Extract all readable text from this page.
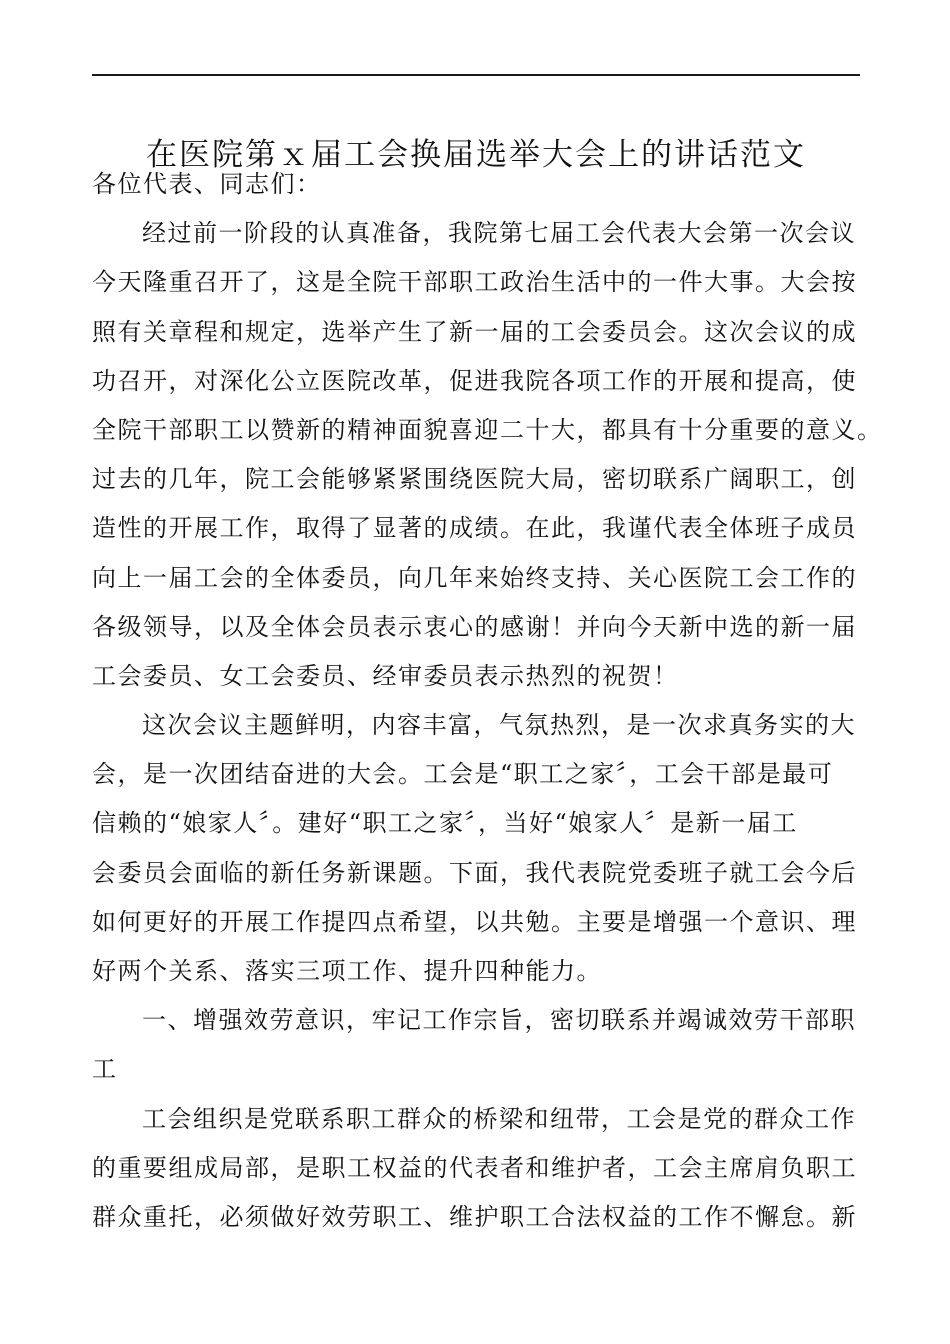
在医院第ｘ届工会换届选举大会上的讲话范文
各位代表、同志们：
经过前一阶段的认真准备，我院第七届工会代表大会第一次会议
今天隆重召开了，这是全院干部职工政治生活中的一件大事。大会按
照有关章程和规定，选举产生了新一届的工会委员会。这次会议的成
功召开，对深化公立医院改革，促进我院各项工作的开展和提高，使
全院干部职工以赞新的精神面貌喜迎二十大，都具有十分重要的意义。
过去的几年，院工会能够紧紧围绕医院大局，密切联系广阔职工，创
造性的开展工作，取得了显著的成绩。在此，我谨代表全体班子成员
向上一届工会的全体委员，向几年来始终支持、关心医院工会工作的
各级领导，以及全体会员表示衷心的感谢！并向今天新中选的新一届
工会委员、女工会委员、经审委员表示热烈的祝贺！
这次会议主题鲜明，内容丰富，气氛热烈，是一次求真务实的大
会，是一次团结奋进的大会。工会是“职工之家〞，工会干部是最可
信赖的“娘家人〞。建好“职工之家〞，当好“娘家人〞是新一届工
会委员会面临的新任务新课题。下面，我代表院党委班子就工会今后
如何更好的开展工作提四点希望，以共勉。主要是增强一个意识、理
好两个关系、落实三项工作、提升四种能力。
一、增强效劳意识，牢记工作宗旨，密切联系并竭诚效劳干部职
工
工会组织是党联系职工群众的桥梁和纽带，工会是党的群众工作
的重要组成局部，是职工权益的代表者和维护者，工会主席肩负职工
群众重托，必须做好效劳职工、维护职工合法权益的工作不懈怠。新
